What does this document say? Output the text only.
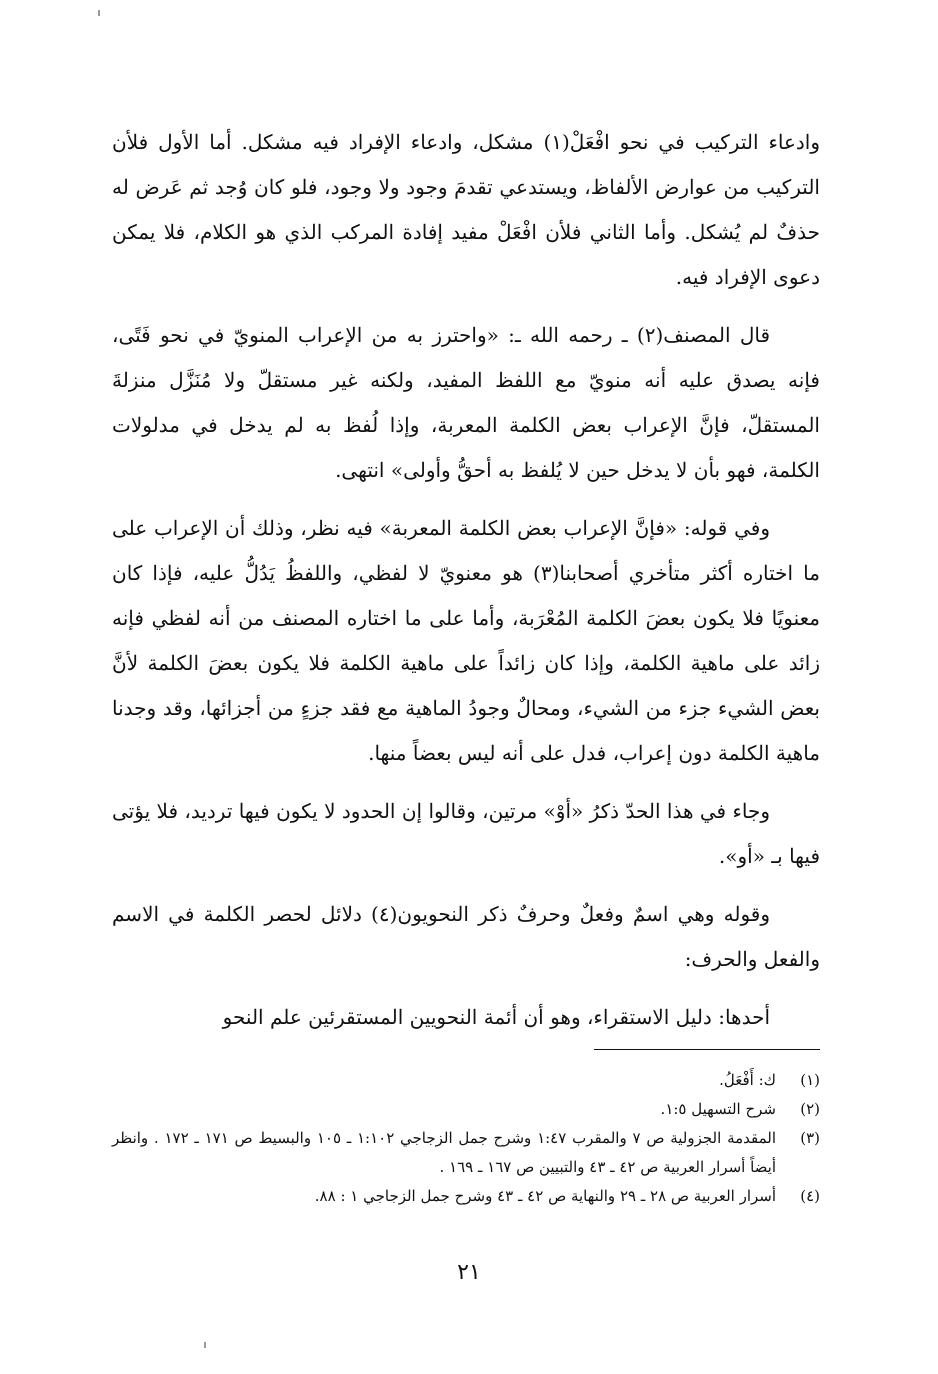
وادعاء التركيب في نحو افْعَلْ(١) مشكل، وادعاء الإفراد فيه مشكل. أما الأول فلأن التركيب من عوارض الألفاظ، ويستدعي تقدمَ وجود ولا وجود، فلو كان وُجد ثم عَرض له حذفٌ لم يُشكل. وأما الثاني فلأن افْعَلْ مفيد إفادة المركب الذي هو الكلام، فلا يمكن دعوى الإفراد فيه.

قال المصنف(٢) ـ رحمه الله ـ: «واحترز به من الإعراب المنويّ في نحو فَتًى، فإنه يصدق عليه أنه منويّ مع اللفظ المفيد، ولكنه غير مستقلّ ولا مُنَزَّل منزلةَ المستقلّ، فإنَّ الإعراب بعض الكلمة المعربة، وإذا لُفظ به لم يدخل في مدلولات الكلمة، فهو بأن لا يدخل حين لا يُلفظ به أحقُّ وأولى» انتهى.

وفي قوله: «فإنَّ الإعراب بعض الكلمة المعربة» فيه نظر، وذلك أن الإعراب على ما اختاره أكثر متأخري أصحابنا(٣) هو معنويّ لا لفظي، واللفظُ يَدُلُّ عليه، فإذا كان معنويًا فلا يكون بعضَ الكلمة المُعْرَبة، وأما على ما اختاره المصنف من أنه لفظي فإنه زائد على ماهية الكلمة، وإذا كان زائداً على ماهية الكلمة فلا يكون بعضَ الكلمة لأنَّ بعض الشيء جزء من الشيء، ومحالٌ وجودُ الماهية مع فقد جزءٍ من أجزائها، وقد وجدنا ماهية الكلمة دون إعراب، فدل على أنه ليس بعضاً منها.

وجاء في هذا الحدّ ذكرُ «أوْ» مرتين، وقالوا إن الحدود لا يكون فيها ترديد، فلا يؤتى فيها بـ «أو».

وقوله وهي اسمٌ وفعلٌ وحرفٌ ذكر النحويون(٤) دلائل لحصر الكلمة في الاسم والفعل والحرف:

أحدها: دليل الاستقراء، وهو أن أئمة النحويين المستقرئين علم النحو

(١)
ك: أَفْعَلُ.
(٢)
شرح التسهيل ١:٥.
(٣)
المقدمة الجزولية ص ٧ والمقرب ١:٤٧ وشرح جمل الزجاجي ١:١٠٢ ـ ١٠٥ والبسيط ص ١٧١ ـ ١٧٢ . وانظر أيضاً أسرار العربية ص ٤٢ ـ ٤٣ والتبيين ص ١٦٧ ـ ١٦٩ .
(٤)
أسرار العربية ص ٢٨ ـ ٢٩ والنهاية ص ٤٢ ـ ٤٣ وشرح جمل الزجاجي ١ : ٨٨.
٢١
